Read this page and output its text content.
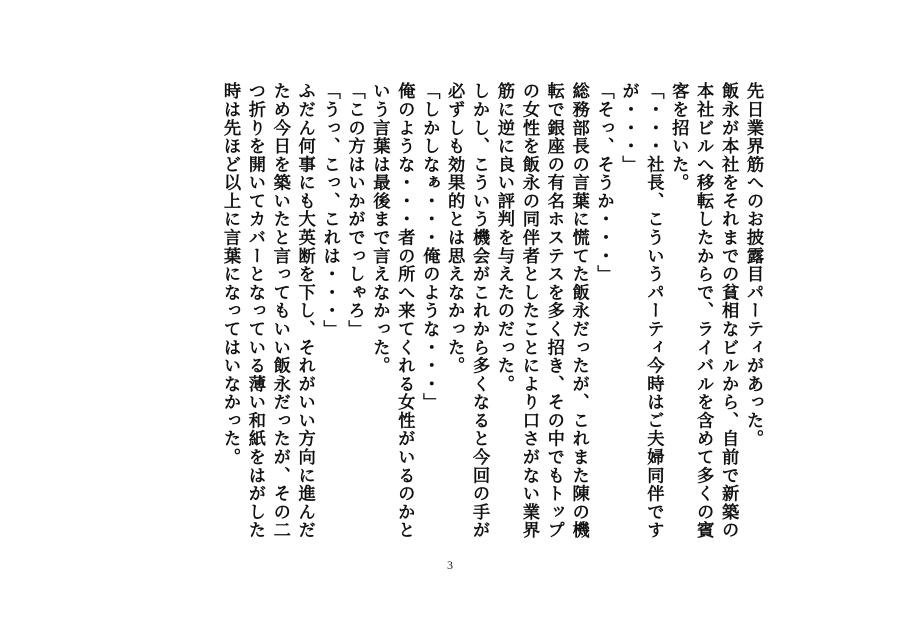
先日業界筋へのお披露目パーティがあった。

飯永が本社をそれまでの貧相なビルから、自前で新築の本社ビルへ移転したからで、ライバルを含めて多くの賓客を招いた。

「・・・社長、こういうパーティ今時はご夫婦同伴ですが・・・」

「そっ、そうか・・・」

総務部長の言葉に慌てた飯永だったが、これまた陳の機転で銀座の有名ホステスを多く招き、その中でもトップの女性を飯永の同伴者としたことにより口さがない業界筋に逆に良い評判を与えたのだった。

しかし、こういう機会がこれから多くなると今回の手が必ずしも効果的とは思えなかった。

「しかしなぁ・・・俺のような・・・」

俺のような・・・者の所へ来てくれる女性がいるのかという言葉は最後まで言えなかった。

「この方はいかがでっしゃろ」

「うっ、こっ、これは・・・」

ふだん何事にも大英断を下し、それがいい方向に進んだため今日を築いたと言ってもいい飯永だったが、その二つ折りを開いてカバーとなっている薄い和紙をはがした時は先ほど以上に言葉になってはいなかった。

3
